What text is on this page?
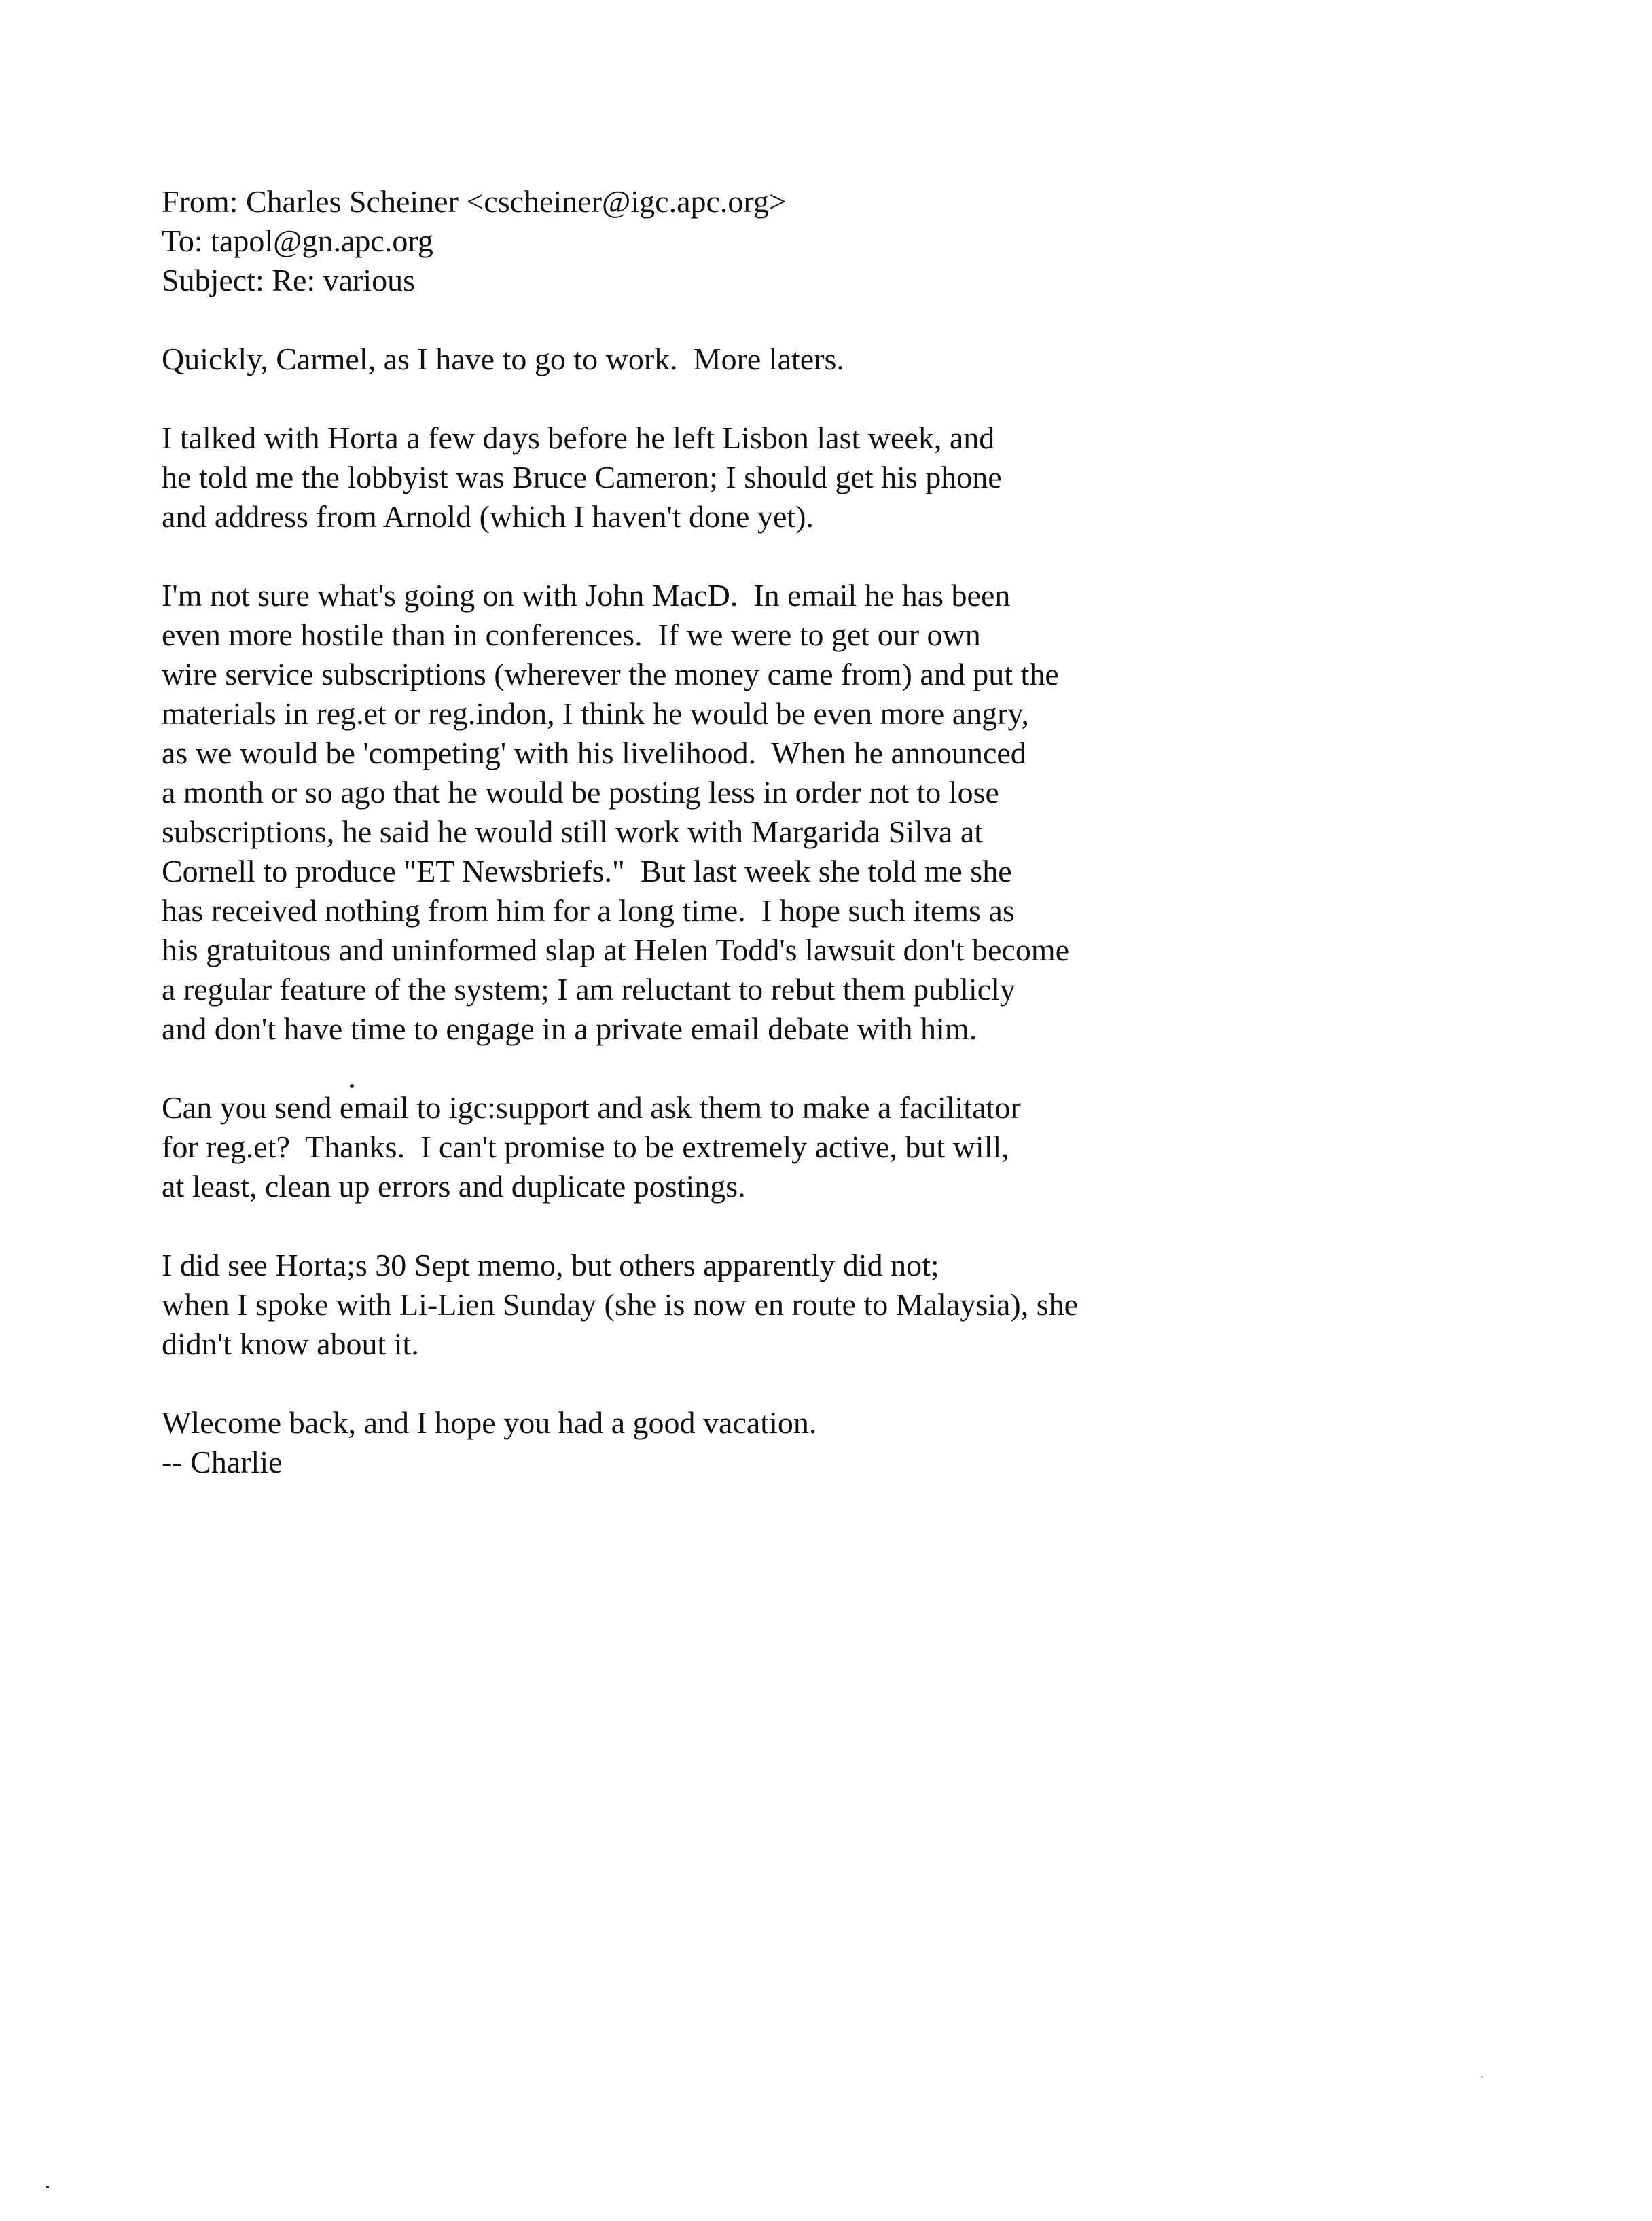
From: Charles Scheiner <cscheiner@igc.apc.org>
To: tapol@gn.apc.org
Subject: Re: various
Quickly, Carmel, as I have to go to work.  More laters.
I talked with Horta a few days before he left Lisbon last week, and
he told me the lobbyist was Bruce Cameron; I should get his phone
and address from Arnold (which I haven't done yet).
I'm not sure what's going on with John MacD.  In email he has been
even more hostile than in conferences.  If we were to get our own
wire service subscriptions (wherever the money came from) and put the
materials in reg.et or reg.indon, I think he would be even more angry,
as we would be 'competing' with his livelihood.  When he announced
a month or so ago that he would be posting less in order not to lose
subscriptions, he said he would still work with Margarida Silva at
Cornell to produce "ET Newsbriefs."  But last week she told me she
has received nothing from him for a long time.  I hope such items as
his gratuitous and uninformed slap at Helen Todd's lawsuit don't become
a regular feature of the system; I am reluctant to rebut them publicly
and don't have time to engage in a private email debate with him.
Can you send email to igc:support and ask them to make a facilitator
for reg.et?  Thanks.  I can't promise to be extremely active, but will,
at least, clean up errors and duplicate postings.
I did see Horta;s 30 Sept memo, but others apparently did not;
when I spoke with Li-Lien Sunday (she is now en route to Malaysia), she
didn't know about it.
Wlecome back, and I hope you had a good vacation.
-- Charlie
